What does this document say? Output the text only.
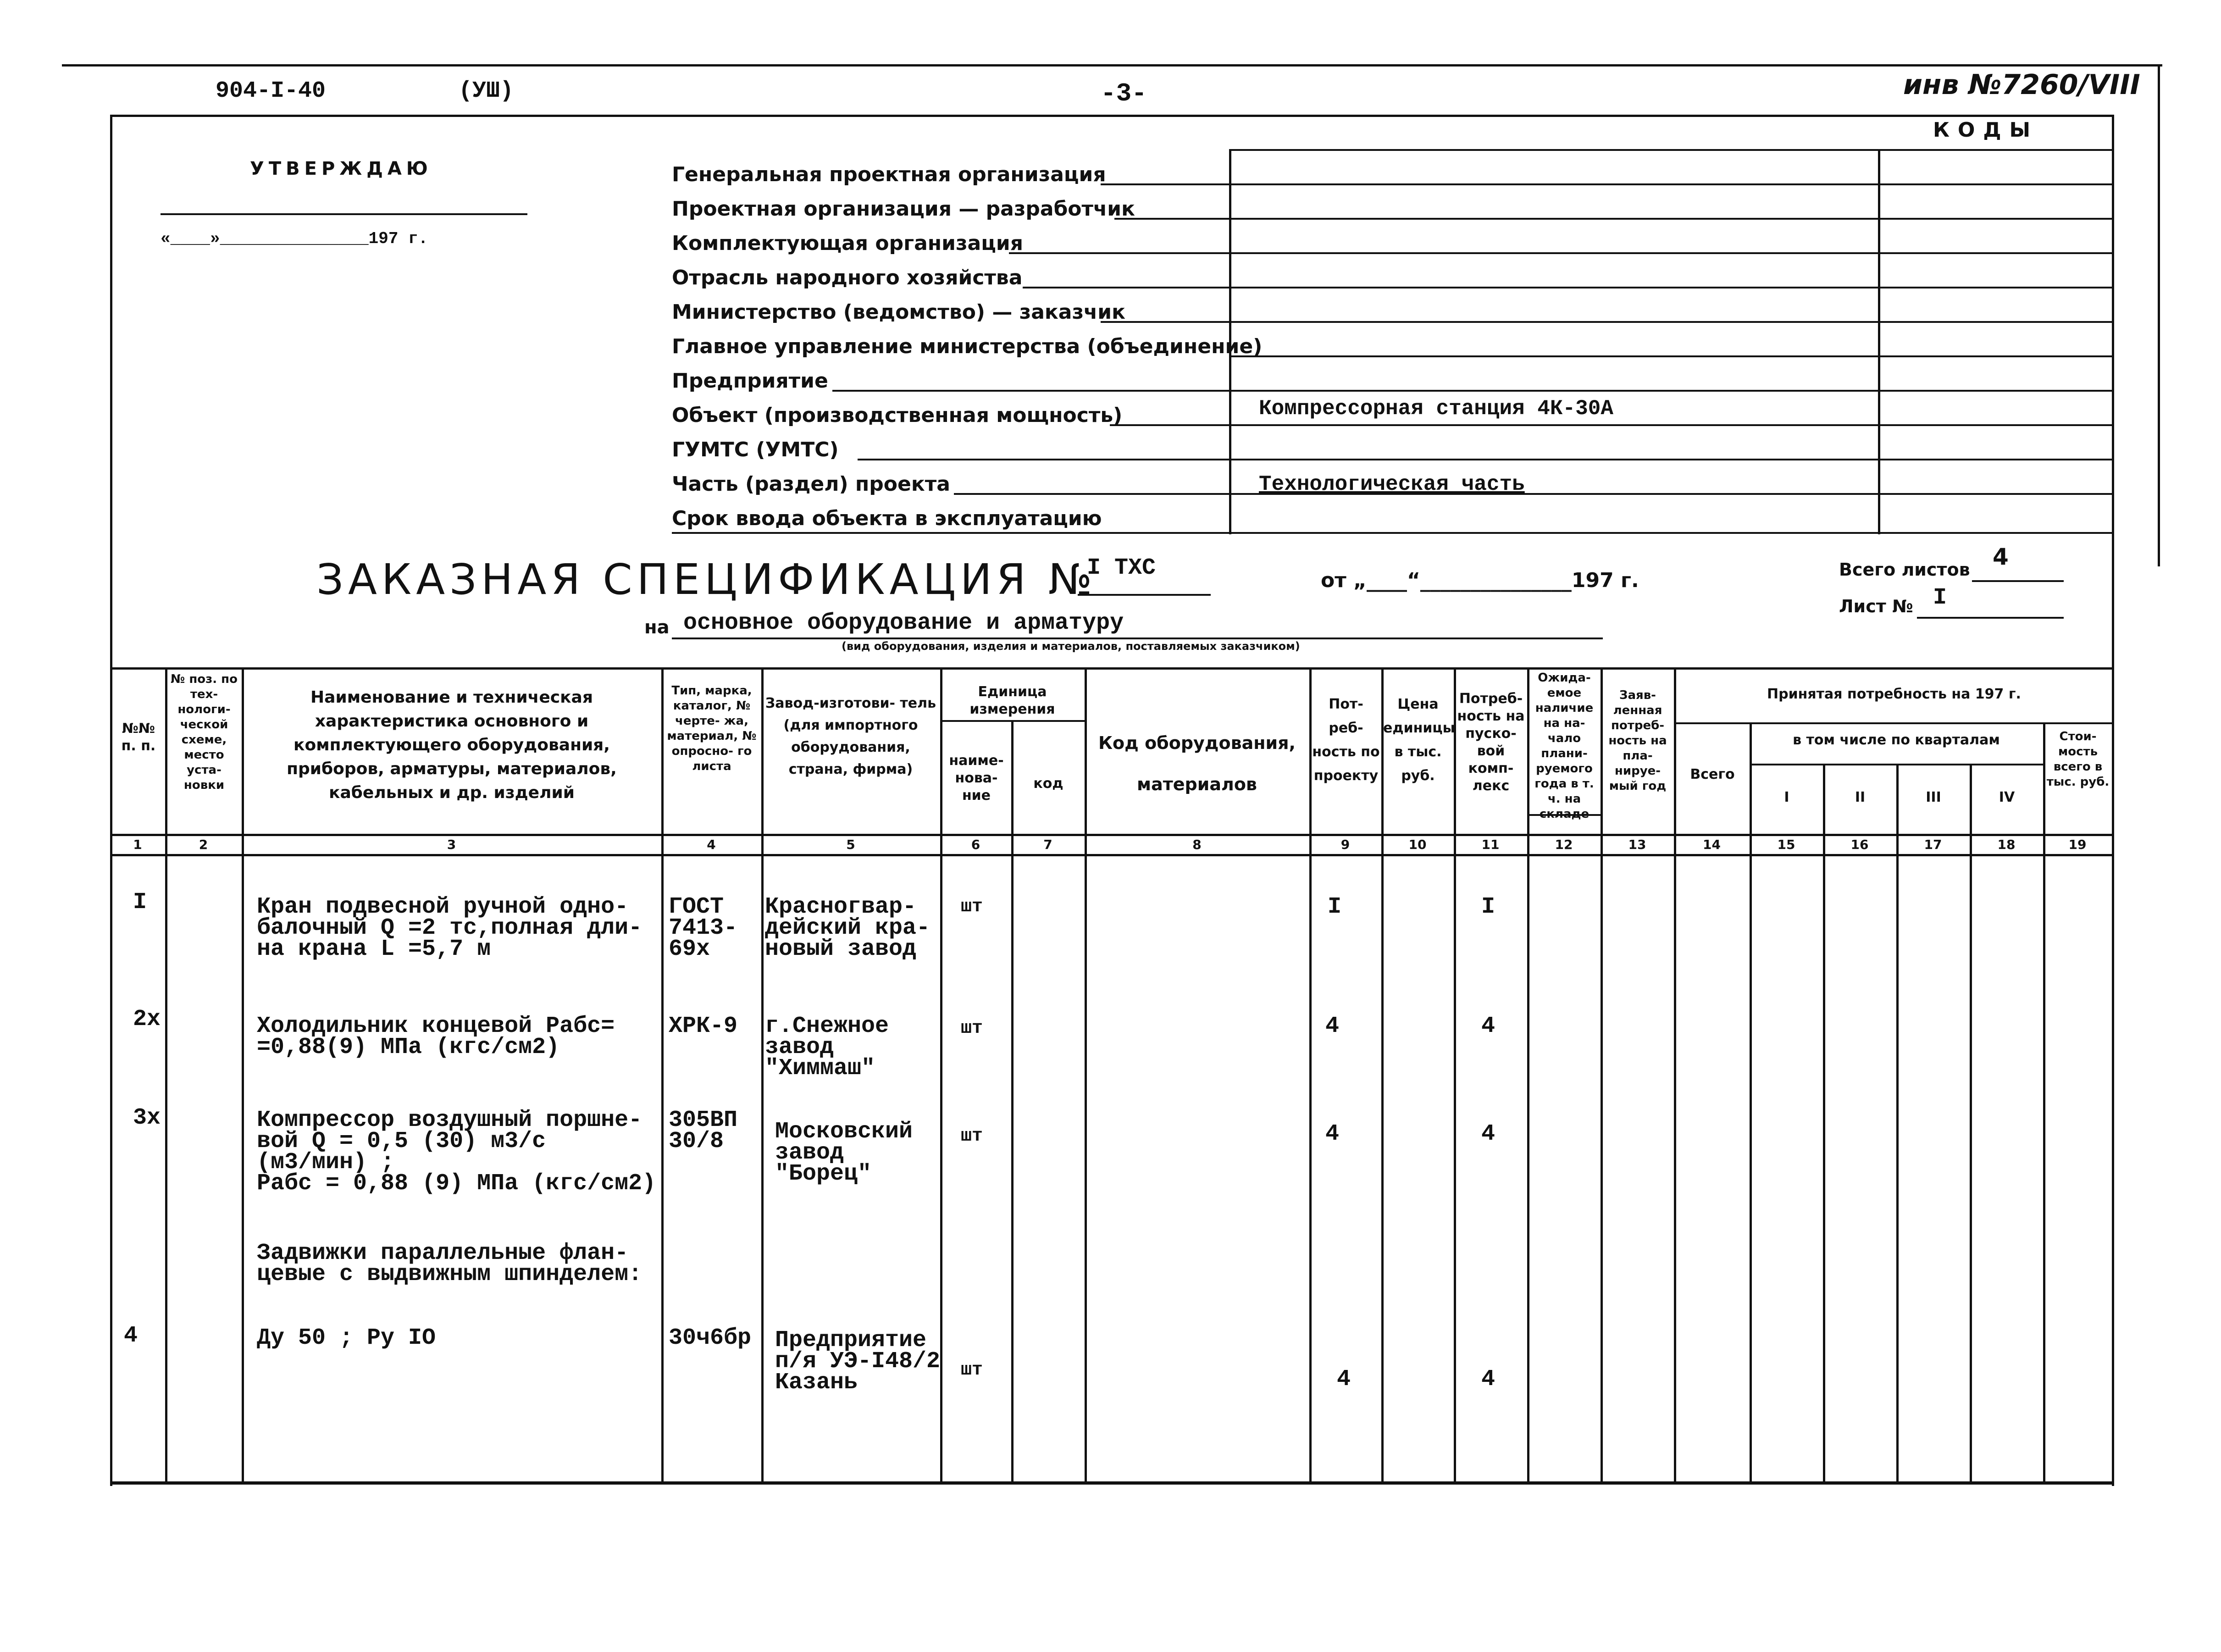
904-I-40	(УШ)	-3-	инв №7260/VIII
УТВЕРЖДАЮ
«____»_______________197 г.
КОДЫ
Генеральная проектная организация
Проектная организация — разработчик
Комплектующая организация
Отрасль народного хозяйства
Министерство (ведомство) — заказчик
Главное управление министерства (объединение)
Предприятие
Объект (производственная мощность)
ГУМТС (УМТС)
Часть (раздел) проекта
Срок ввода объекта в эксплуатацию
Компрессорная станция 4К-30А
Технологическая часть
ЗАКАЗНАЯ СПЕЦИФИКАЦИЯ №
I ТХС	от „____“_______________197 г.	Всего листов 4
Лист № I
на основное оборудование и арматуру
(вид оборудования, изделия и материалов, поставляемых заказчиком)
№№ п. п.
№ поз. по тех- нологи- ческой схеме, место уста- новки
Наименование и техническая характеристика основного и комплектующего оборудования, приборов, арматуры, материалов, кабельных и др. изделий
Тип, марка, каталог, № черте- жа, материал, № опросно- го листа
Завод-изготови- тель (для импортного оборудования, страна, фирма)
Единица измерения
наиме- нова- ние
код
Код оборудования, материалов
Пот- реб- ность по проекту
Цена единицы в тыс. руб.
Потреб- ность на пуско- вой комп- лекс
Ожида- емое наличие на на- чало плани- руемого года в т. ч. на складе
Заяв- ленная потреб- ность на пла- нируе- мый год
Принятая потребность на 197 г.
Всего
в том числе по кварталам
I	II	III	IV
Стои- мость всего в тыс. руб.
1	2	3	4	5	6	7	8	9	10	11	12	13	14	15	16	17	18	19
I	Кран подвесной ручной одно-
балочный Q =2 тс,полная дли-
на крана L =5,7 м
ГОСТ
7413-
69х
Красногвар-
дейский кра-
новый завод
шт	I	I
2х	Холодильник концевой Рабс=
=0,88(9) МПа (кгс/см2)
ХРК-9 г.Снежное
завод
"Химмаш"
шт	4	4
3х	Компрессор воздушный поршне-
вой Q = 0,5 (30) м3/с
(м3/мин) ;
Рабс = 0,88 (9) МПа (кгс/см2)
305ВП
30/8	Московский
завод
"Борец"
шт	4	4
Задвижки параллельные флан-
цевые с выдвижным шпинделем:
4	Ду 50 ; Ру IО	30ч6бр Предприятие
п/я УЭ-I48/2
Казань	шт	4	4
